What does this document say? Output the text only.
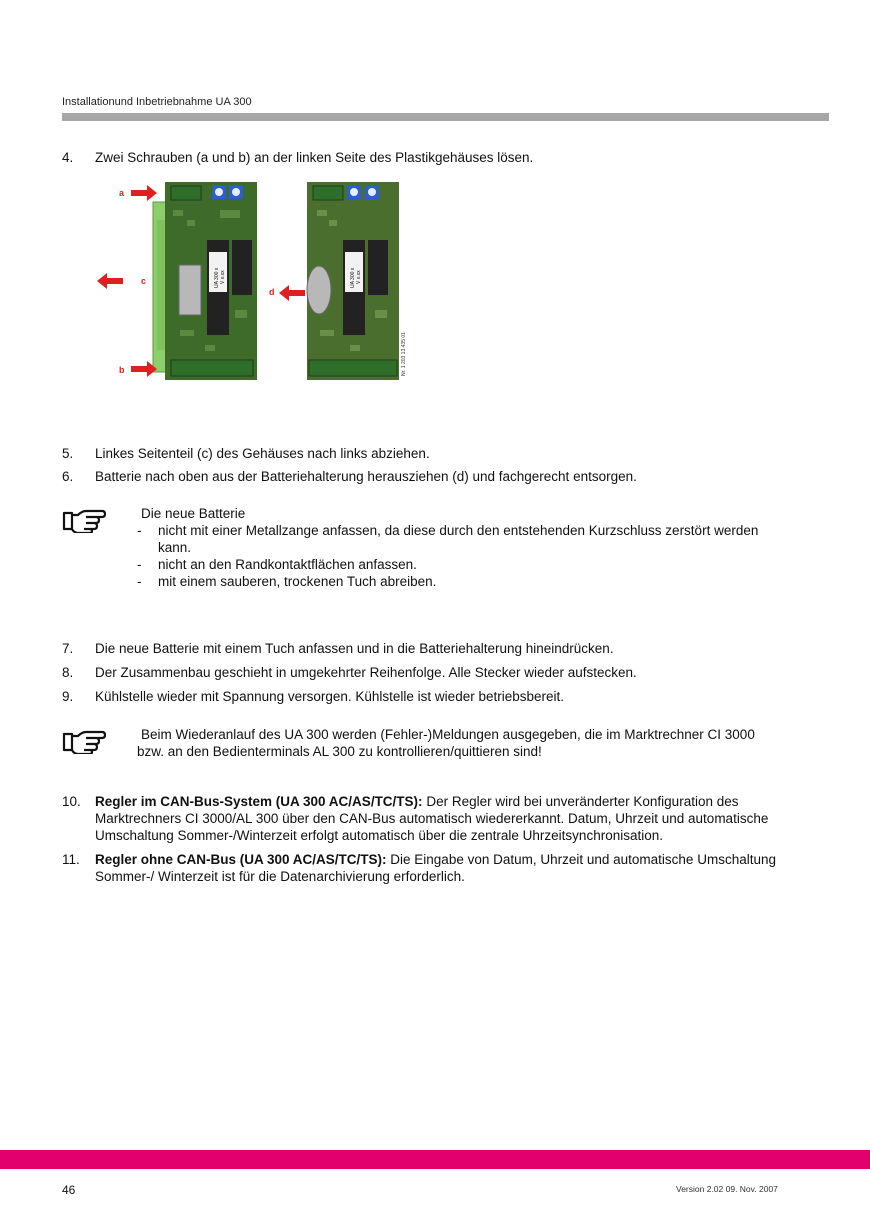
Installationund Inbetriebnahme UA 300
4. Zwei Schrauben (a und b) an der linken Seite des Plastikgehäuses lösen.
a
b
c
d
UA 300 x V x.xx	UA 300 x V x.xx
Nr. 1 203 13.435 01
5. Linkes Seitenteil (c) des Gehäuses nach links abziehen.
6. Batterie nach oben aus der Batteriehalterung herausziehen (d) und fachgerecht entsorgen.
Die neue Batterie
- nicht mit einer Metallzange anfassen, da diese durch den entstehenden Kurzschluss zerstört werden kann.
- nicht an den Randkontaktflächen anfassen.
- mit einem sauberen, trockenen Tuch abreiben.
7. Die neue Batterie mit einem Tuch anfassen und in die Batteriehalterung hineindrücken.
8. Der Zusammenbau geschieht in umgekehrter Reihenfolge. Alle Stecker wieder aufstecken.
9. Kühlstelle wieder mit Spannung versorgen. Kühlstelle ist wieder betriebsbereit.
Beim Wiederanlauf des UA 300 werden (Fehler-)Meldungen ausgegeben, die im Marktrechner CI 3000 bzw. an den Bedienterminals AL 300 zu kontrollieren/quittieren sind!
10. Regler im CAN-Bus-System (UA 300 AC/AS/TC/TS): Der Regler wird bei unveränderter Konfiguration des Marktrechners CI 3000/AL 300 über den CAN-Bus automatisch wiedererkannt. Datum, Uhrzeit und automatische Umschaltung Sommer-/Winterzeit erfolgt automatisch über die zentrale Uhrzeitsynchronisation.
11. Regler ohne CAN-Bus (UA 300 AC/AS/TC/TS): Die Eingabe von Datum, Uhrzeit und automatische Umschaltung Sommer-/ Winterzeit ist für die Datenarchivierung erforderlich.
46	Version 2.02 09. Nov. 2007
